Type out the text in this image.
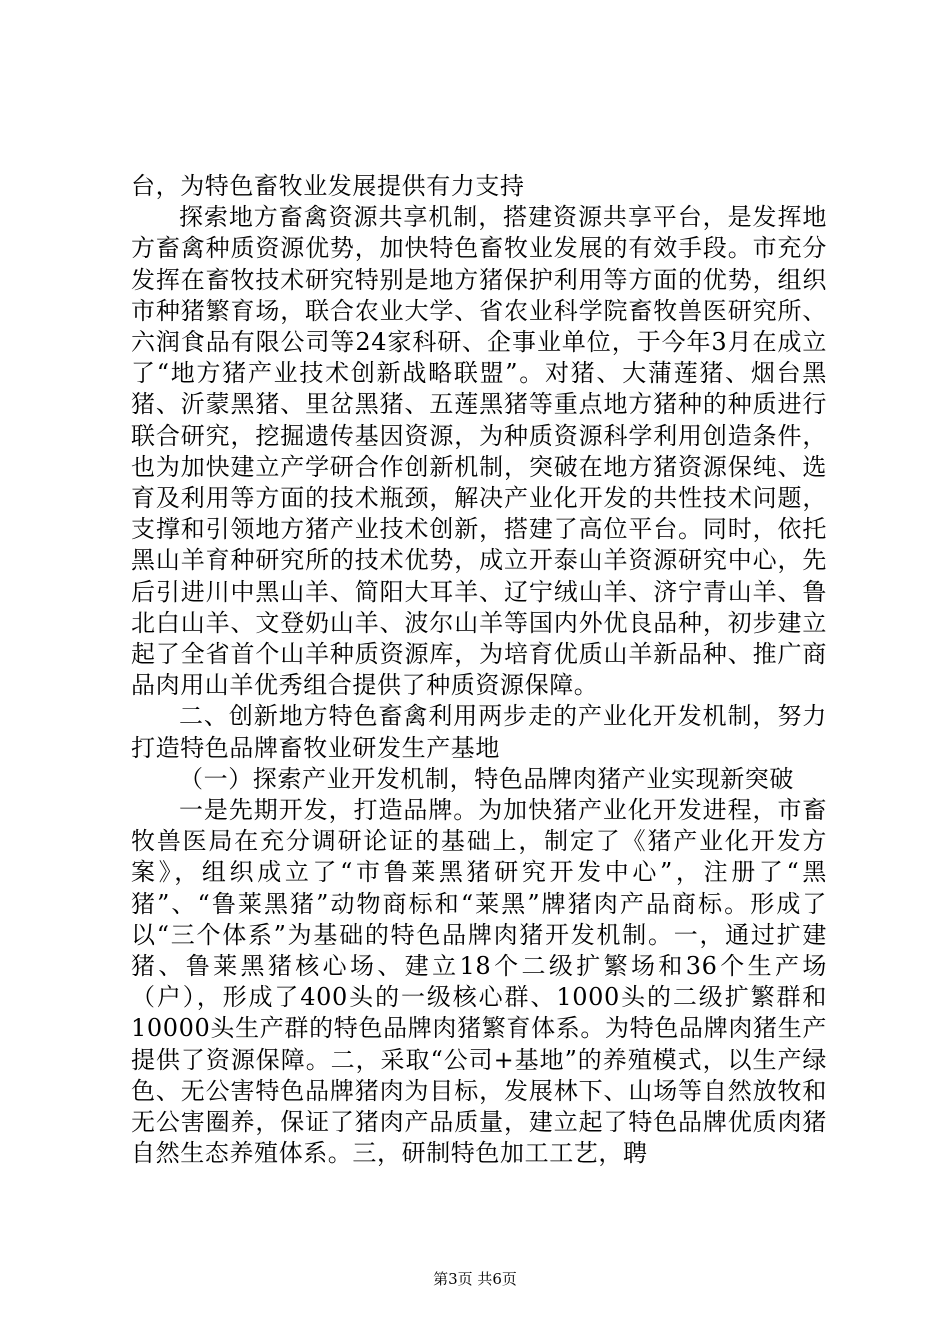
台，为特色畜牧业发展提供有力支持

探索地方畜禽资源共享机制，搭建资源共享平台，是发挥地方畜禽种质资源优势，加快特色畜牧业发展的有效手段。市充分发挥在畜牧技术研究特别是地方猪保护利用等方面的优势，组织市种猪繁育场，联合农业大学、省农业科学院畜牧兽医研究所、六润食品有限公司等24家科研、企事业单位，于今年3月在成立了“地方猪产业技术创新战略联盟”。对猪、大蒲莲猪、烟台黑猪、沂蒙黑猪、里岔黑猪、五莲黑猪等重点地方猪种的种质进行联合研究，挖掘遗传基因资源，为种质资源科学利用创造条件，也为加快建立产学研合作创新机制，突破在地方猪资源保纯、选育及利用等方面的技术瓶颈，解决产业化开发的共性技术问题，支撑和引领地方猪产业技术创新，搭建了高位平台。同时，依托黑山羊育种研究所的技术优势，成立开泰山羊资源研究中心，先后引进川中黑山羊、简阳大耳羊、辽宁绒山羊、济宁青山羊、鲁北白山羊、文登奶山羊、波尔山羊等国内外优良品种，初步建立起了全省首个山羊种质资源库，为培育优质山羊新品种、推广商品肉用山羊优秀组合提供了种质资源保障。

二、创新地方特色畜禽利用两步走的产业化开发机制，努力打造特色品牌畜牧业研发生产基地

（一）探索产业开发机制，特色品牌肉猪产业实现新突破

一是先期开发，打造品牌。为加快猪产业化开发进程，市畜牧兽医局在充分调研论证的基础上，制定了《猪产业化开发方案》，组织成立了“市鲁莱黑猪研究开发中心”，注册了“黑猪”、“鲁莱黑猪”动物商标和“莱黑”牌猪肉产品商标。形成了以“三个体系”为基础的特色品牌肉猪开发机制。一，通过扩建猪、鲁莱黑猪核心场、建立18个二级扩繁场和36个生产场（户），形成了400头的一级核心群、1000头的二级扩繁群和10000头生产群的特色品牌肉猪繁育体系。为特色品牌肉猪生产提供了资源保障。二，采取“公司+基地”的养殖模式，以生产绿色、无公害特色品牌猪肉为目标，发展林下、山场等自然放牧和无公害圈养，保证了猪肉产品质量，建立起了特色品牌优质肉猪自然生态养殖体系。三，研制特色加工工艺，聘

第3页 共6页
